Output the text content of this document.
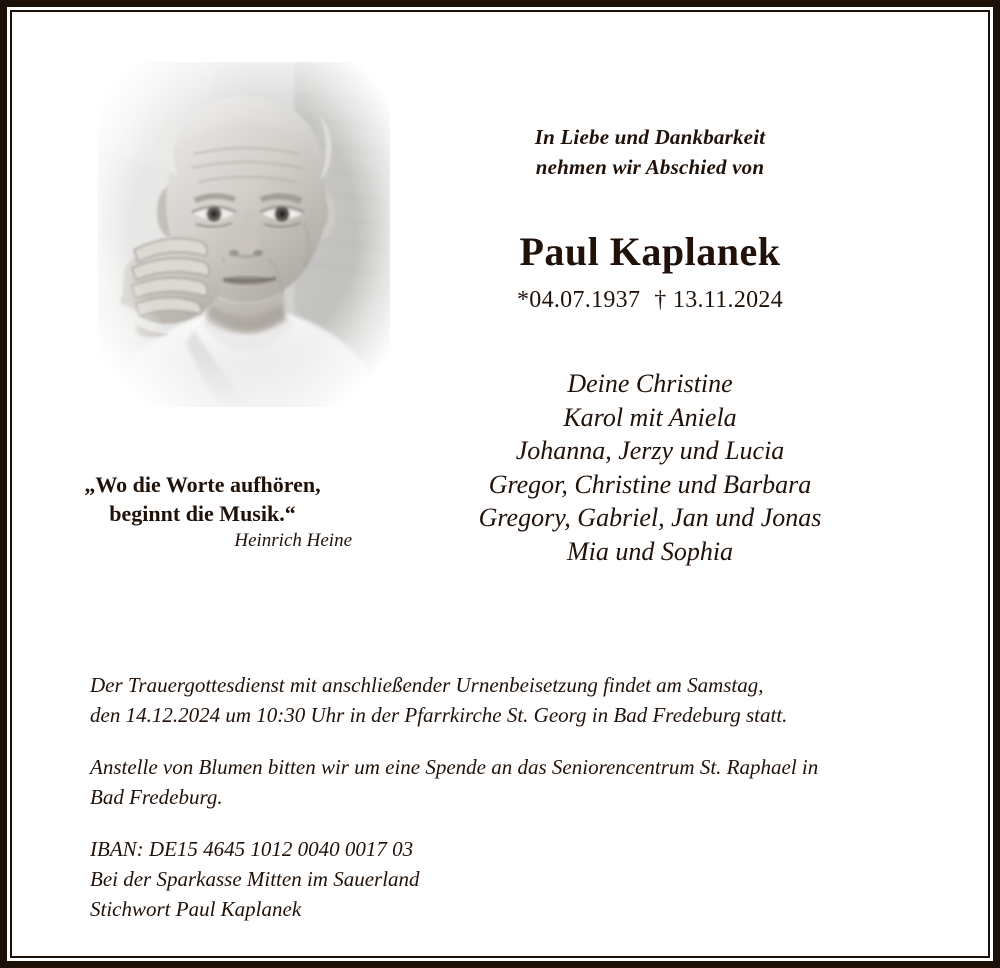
In Liebe und Dankbarkeit
nehmen wir Abschied von
Paul Kaplanek
*04.07.1937 † 13.11.2024
Deine Christine
Karol mit Aniela
Johanna, Jerzy und Lucia
Gregor, Christine und Barbara
Gregory, Gabriel, Jan und Jonas
Mia und Sophia
„Wo die Worte aufhören,
beginnt die Musik.“
Heinrich Heine

Der Trauergottesdienst mit anschließender Urnenbeisetzung findet am Samstag,
den 14.12.2024 um 10:30 Uhr in der Pfarrkirche St. Georg in Bad Fredeburg statt.

Anstelle von Blumen bitten wir um eine Spende an das Seniorencentrum St. Raphael in
Bad Fredeburg.

IBAN: DE15 4645 1012 0040 0017 03
Bei der Sparkasse Mitten im Sauerland
Stichwort Paul Kaplanek
